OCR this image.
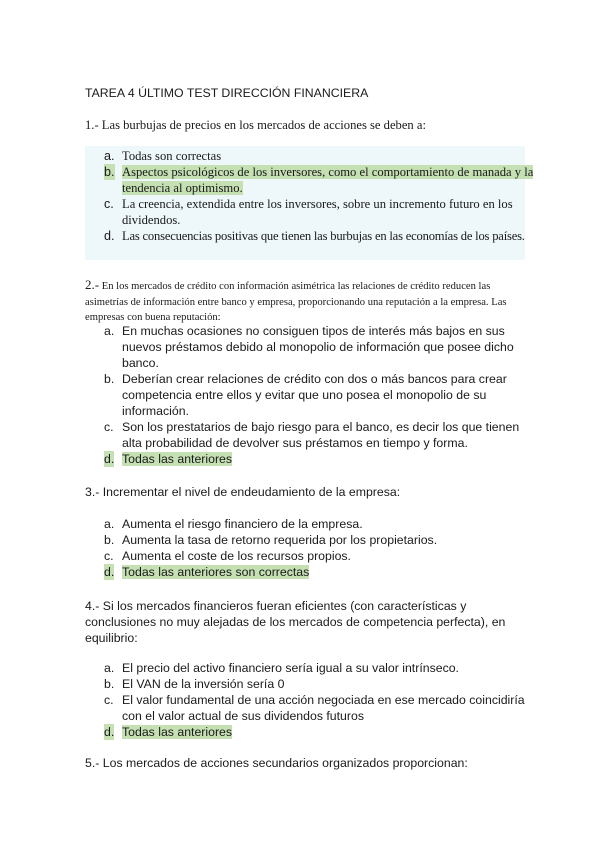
TAREA 4 ÚLTIMO TEST DIRECCIÓN FINANCIERA
1.- Las burbujas de precios en los mercados de acciones se deben a:
a. Todas son correctas
b. Aspectos psicológicos de los inversores, como el comportamiento de manada y la tendencia al optimismo.
c. La creencia, extendida entre los inversores, sobre un incremento futuro en los dividendos.
d. Las consecuencias positivas que tienen las burbujas en las economías de los países.
2.- En los mercados de crédito con información asimétrica las relaciones de crédito reducen las asimetrías de información entre banco y empresa, proporcionando una reputación a la empresa. Las empresas con buena reputación:
a. En muchas ocasiones no consiguen tipos de interés más bajos en sus nuevos préstamos debido al monopolio de información que posee dicho banco.
b. Deberían crear relaciones de crédito con dos o más bancos para crear competencia entre ellos y evitar que uno posea el monopolio de su información.
c. Son los prestatarios de bajo riesgo para el banco, es decir los que tienen alta probabilidad de devolver sus préstamos en tiempo y forma.
d. Todas las anteriores
3.- Incrementar el nivel de endeudamiento de la empresa:
a. Aumenta el riesgo financiero de la empresa.
b. Aumenta la tasa de retorno requerida por los propietarios.
c. Aumenta el coste de los recursos propios.
d. Todas las anteriores son correctas
4.- Si los mercados financieros fueran eficientes (con características y conclusiones no muy alejadas de los mercados de competencia perfecta), en equilibrio:
a. El precio del activo financiero sería igual a su valor intrínseco.
b. El VAN de la inversión sería 0
c. El valor fundamental de una acción negociada en ese mercado coincidiría con el valor actual de sus dividendos futuros
d. Todas las anteriores
5.- Los mercados de acciones secundarios organizados proporcionan:
